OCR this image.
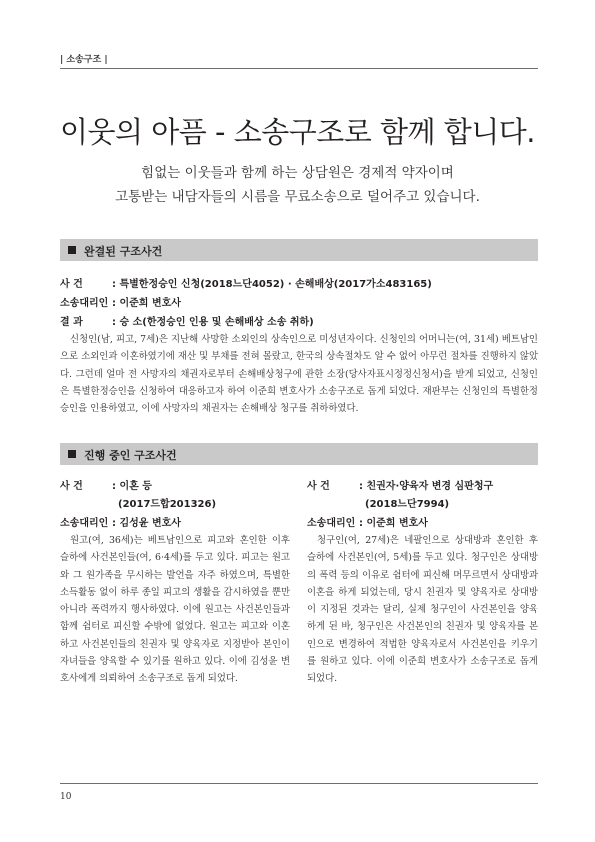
| 소송구조 |
이웃의 아픔 - 소송구조로 함께 합니다.
힘없는 이웃들과 함께 하는 상담원은 경제적 약자이며
고통받는 내담자들의 시름을 무료소송으로 덜어주고 있습니다.
완결된 구조사건
사 건	: 특별한정승인 신청(2018느단4052) · 손해배상(2017가소483165)
소송대리인 : 이준희 변호사
결 과	: 승 소(한정승인 인용 및 손해배상 소송 취하)

신청인(남, 피고, 7세)은 지난해 사망한 소외인의 상속인으로 미성년자이다. 신청인의 어머니는(여, 31세) 베트남인으로 소외인과 이혼하였기에 재산 및 부채를 전혀 몰랐고, 한국의 상속절차도 알 수 없어 아무런 절차를 진행하지 않았다. 그런데 얼마 전 사망자의 채권자로부터 손해배상청구에 관한 소장(당사자표시정정신청서)을 받게 되었고, 신청인은 특별한정승인을 신청하여 대응하고자 하여 이준희 변호사가 소송구조로 돕게 되었다. 재판부는 신청인의 특별한정승인을 인용하였고, 이에 사망자의 채권자는 손해배상 청구를 취하하였다.

진행 중인 구조사건
사 건	: 이혼 등
(2017드합201326)
소송대리인 : 김성윤 변호사

원고(여, 36세)는 베트남인으로 피고와 혼인한 이후 슬하에 사건본인들(여, 6·4세)를 두고 있다. 피고는 원고와 그 원가족을 무시하는 발언을 자주 하였으며, 특별한 소득활동 없이 하루 종일 피고의 생활을 감시하였을 뿐만 아니라 폭력까지 행사하였다. 이에 원고는 사건본인들과 함께 쉼터로 피신할 수밖에 없었다. 원고는 피고와 이혼하고 사건본인들의 친권자 및 양육자로 지정받아 본인이 자녀들을 양육할 수 있기를 원하고 있다. 이에 김성윤 변호사에게 의뢰하여 소송구조로 돕게 되었다.

사 건	: 친권자·양육자 변경 심판청구
(2018느단7994)
소송대리인 : 이준희 변호사

청구인(여, 27세)은 네팔인으로 상대방과 혼인한 후 슬하에 사건본인(여, 5세)를 두고 있다. 청구인은 상대방의 폭력 등의 이유로 쉼터에 피신해 머무르면서 상대방과 이혼을 하게 되었는데, 당시 친권자 및 양육자로 상대방이 지정된 것과는 달리, 실제 청구인이 사건본인을 양육하게 된 바, 청구인은 사건본인의 친권자 및 양육자를 본인으로 변경하여 적법한 양육자로서 사건본인을 키우기를 원하고 있다. 이에 이준희 변호사가 소송구조로 돕게 되었다.

10
